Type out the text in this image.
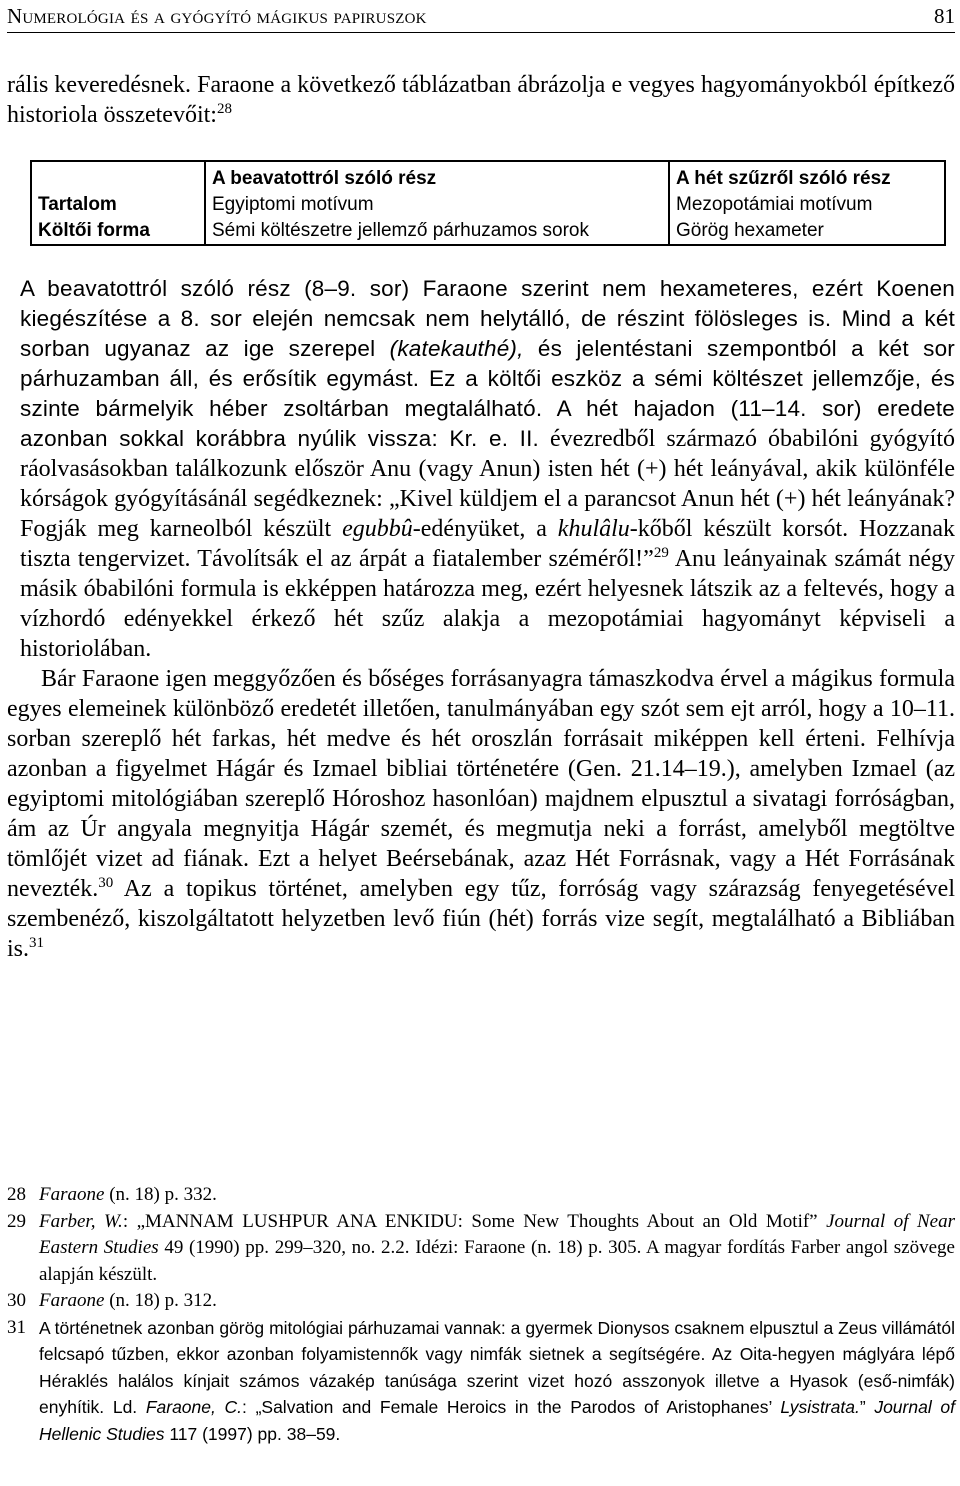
Numerológia és a gyógyító mágikus papiruszok	81
rális keveredésnek. Faraone a következő táblázatban ábrázolja e vegyes hagyományokból építkező historiola összetevőit:$^{28}$
	A beavatottról szóló rész	A hét szűzről szóló rész
Tartalom	Egyiptomi motívum	Mezopotámiai motívum
Költői forma	Sémi költészetre jellemző párhuzamos sorok	Görög hexameter

A beavatottról szóló rész (8–9. sor) Faraone szerint nem hexameteres, ezért Koenen kiegészítése a 8. sor elején nemcsak nem helytálló, de részint fölösleges is. Mind a két sorban ugyanaz az ige szerepel (katekauthé), és jelentéstani szempontból a két sor párhuzamban áll, és erősítik egymást. Ez a költői eszköz a sémi költészet jellemzője, és szinte bármelyik héber zsoltárban megtalálható. A hét hajadon (11–14. sor) eredete azonban sokkal korábbra nyúlik vissza: Kr. e. II. évezredből származó óbabilóni gyógyító ráolvasásokban találkozunk először Anu (vagy Anun) isten hét (+) hét leányával, akik különféle kórságok gyógyításánál segédkeznek: „Kivel küldjem el a parancsot Anun hét (+) hét leányának? Fogják meg karneolból készült egubbû-edényüket, a khulâlu-kőből készült korsót. Hozzanak tiszta tengervizet. Távolítsák el az árpát a fiatalember széméről!”$^{29}$ Anu leányainak számát négy másik óbabilóni formula is ekképpen határozza meg, ezért helyesnek látszik az a feltevés, hogy a vízhordó edényekkel érkező hét szűz alakja a mezopotámiai hagyományt képviseli a historiolában.

Bár Faraone igen meggyőzően és bőséges forrásanyagra támaszkodva érvel a mágikus formula egyes elemeinek különböző eredetét illetően, tanulmányában egy szót sem ejt arról, hogy a 10–11. sorban szereplő hét farkas, hét medve és hét oroszlán forrásait miképpen kell érteni. Felhívja azonban a figyelmet Hágár és Izmael bibliai történetére (Gen. 21.14–19.), amelyben Izmael (az egyiptomi mitológiában szereplő Hóroshoz hasonlóan) majdnem elpusztul a sivatagi forróságban, ám az Úr angyala megnyitja Hágár szemét, és megmutja neki a forrást, amelyből megtöltve tömlőjét vizet ad fiának. Ezt a helyet Beérsebának, azaz Hét Forrásnak, vagy a Hét Forrásának nevezték.$^{30}$ Az a topikus történet, amelyben egy tűz, forróság vagy szárazság fenyegetésével szembenéző, kiszolgáltatott helyzetben levő fiún (hét) forrás vize segít, megtalálható a Bibliában is.$^{31}$

28 Faraone (n. 18) p. 332.
29 Farber, W.: „MANNAM LUSHPUR ANA ENKIDU: Some New Thoughts About an Old Motif” Journal of Near Eastern Studies 49 (1990) pp. 299–320, no. 2.2. Idézi: Faraone (n. 18) p. 305. A magyar fordítás Farber angol szövege alapján készült.
30 Faraone (n. 18) p. 312.
31 A történetnek azonban görög mitológiai párhuzamai vannak: a gyermek Dionysos csaknem elpusztul a Zeus villámától felcsapó tűzben, ekkor azonban folyamistennők vagy nimfák sietnek a segítségére. Az Oita-hegyen máglyára lépő Héraklés halálos kínjait számos vázakép tanúsága szerint vizet hozó asszonyok illetve a Hyasok (eső-nimfák) enyhítik. Ld. Faraone, C.: „Salvation and Female Heroics in the Parodos of Aristophanes’ Lysistrata.” Journal of Hellenic Studies 117 (1997) pp. 38–59.
